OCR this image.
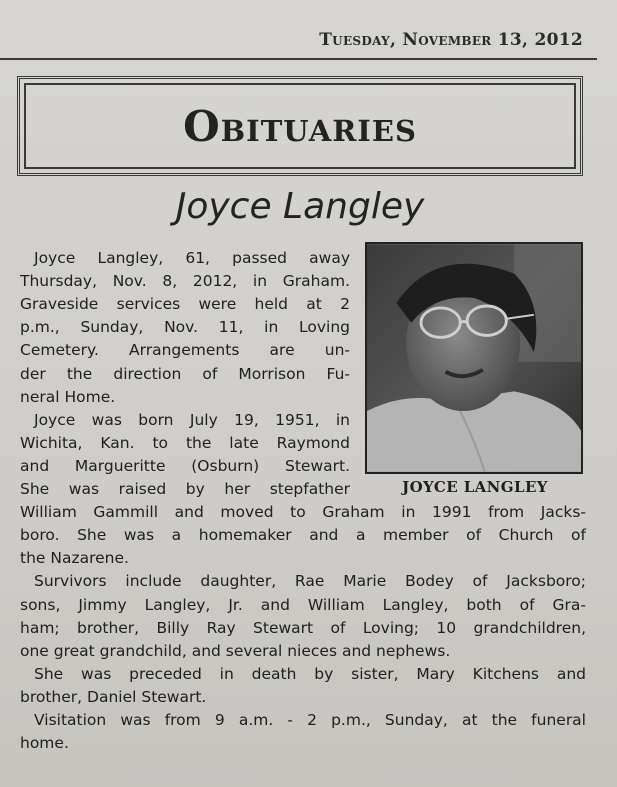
Tuesday, November 13, 2012
Obituaries
Joyce Langley
JOYCE LANGLEY
Joyce Langley, 61, passed away
Thursday, Nov. 8, 2012, in Graham.
Graveside services were held at 2
p.m., Sunday, Nov. 11, in Loving
Cemetery. Arrangements are un-
der the direction of Morrison Fu-
neral Home.
Joyce was born July 19, 1951, in
Wichita, Kan. to the late Raymond
and Margueritte (Osburn) Stewart.
She was raised by her stepfather
William Gammill and moved to Graham in 1991 from Jacks-
boro. She was a homemaker and a member of Church of
the Nazarene.
Survivors include daughter, Rae Marie Bodey of Jacksboro;
sons, Jimmy Langley, Jr. and William Langley, both of Gra-
ham; brother, Billy Ray Stewart of Loving; 10 grandchildren,
one great grandchild, and several nieces and nephews.
She was preceded in death by sister, Mary Kitchens and
brother, Daniel Stewart.
Visitation was from 9 a.m. - 2 p.m., Sunday, at the funeral
home.
